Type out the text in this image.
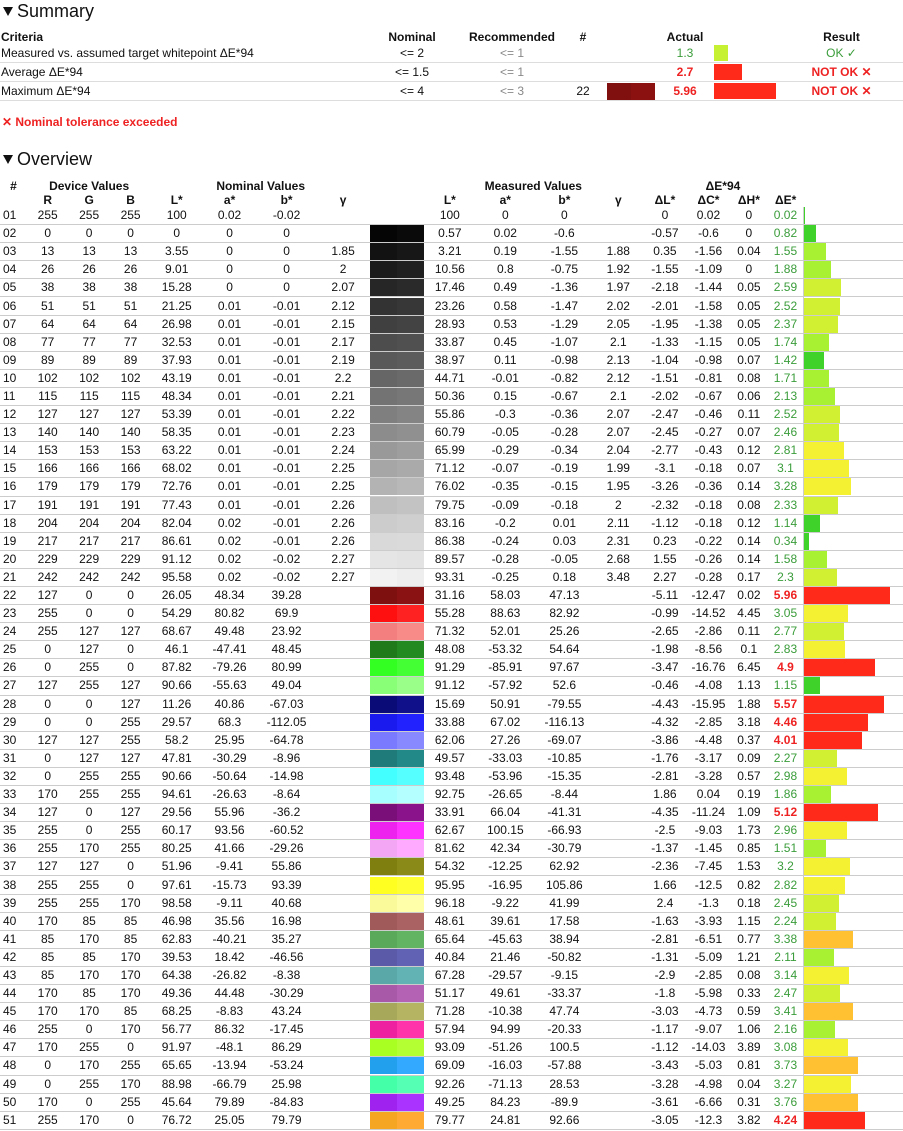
Summary
Criteria	Nominal	Recommended	#		Actual		Result
Measured vs. assumed target whitepoint ΔE*94	<= 2	<= 1			1.3		OK ✓
Average ΔE*94	<= 1.5	<= 1			2.7		NOT OK ✕
Maximum ΔE*94	<= 4	<= 3	22		5.96		NOT OK ✕
✕ Nominal tolerance exceeded
Overview
#	Device Values			Nominal Values					Measured Values				ΔE*94				
	R	G	B	L*	a*	b*	γ		L*	a*	b*	γ	ΔL*	ΔC*	ΔH*	ΔE*	
01	255	255	255	100	0.02	-0.02			100	0	0		0	0.02	0	0.02	

02	0	0	0	0	0	0			0.57	0.02	-0.6		-0.57	-0.6	0	0.82	

03	13	13	13	3.55	0	0	1.85		3.21	0.19	-1.55	1.88	0.35	-1.56	0.04	1.55	

04	26	26	26	9.01	0	0	2		10.56	0.8	-0.75	1.92	-1.55	-1.09	0	1.88	

05	38	38	38	15.28	0	0	2.07		17.46	0.49	-1.36	1.97	-2.18	-1.44	0.05	2.59	

06	51	51	51	21.25	0.01	-0.01	2.12		23.26	0.58	-1.47	2.02	-2.01	-1.58	0.05	2.52	

07	64	64	64	26.98	0.01	-0.01	2.15		28.93	0.53	-1.29	2.05	-1.95	-1.38	0.05	2.37	

08	77	77	77	32.53	0.01	-0.01	2.17		33.87	0.45	-1.07	2.1	-1.33	-1.15	0.05	1.74	

09	89	89	89	37.93	0.01	-0.01	2.19		38.97	0.11	-0.98	2.13	-1.04	-0.98	0.07	1.42	

10	102	102	102	43.19	0.01	-0.01	2.2		44.71	-0.01	-0.82	2.12	-1.51	-0.81	0.08	1.71	

11	115	115	115	48.34	0.01	-0.01	2.21		50.36	0.15	-0.67	2.1	-2.02	-0.67	0.06	2.13	

12	127	127	127	53.39	0.01	-0.01	2.22		55.86	-0.3	-0.36	2.07	-2.47	-0.46	0.11	2.52	

13	140	140	140	58.35	0.01	-0.01	2.23		60.79	-0.05	-0.28	2.07	-2.45	-0.27	0.07	2.46	

14	153	153	153	63.22	0.01	-0.01	2.24		65.99	-0.29	-0.34	2.04	-2.77	-0.43	0.12	2.81	

15	166	166	166	68.02	0.01	-0.01	2.25		71.12	-0.07	-0.19	1.99	-3.1	-0.18	0.07	3.1	

16	179	179	179	72.76	0.01	-0.01	2.25		76.02	-0.35	-0.15	1.95	-3.26	-0.36	0.14	3.28	

17	191	191	191	77.43	0.01	-0.01	2.26		79.75	-0.09	-0.18	2	-2.32	-0.18	0.08	2.33	

18	204	204	204	82.04	0.02	-0.01	2.26		83.16	-0.2	0.01	2.11	-1.12	-0.18	0.12	1.14	

19	217	217	217	86.61	0.02	-0.01	2.26		86.38	-0.24	0.03	2.31	0.23	-0.22	0.14	0.34	

20	229	229	229	91.12	0.02	-0.02	2.27		89.57	-0.28	-0.05	2.68	1.55	-0.26	0.14	1.58	

21	242	242	242	95.58	0.02	-0.02	2.27		93.31	-0.25	0.18	3.48	2.27	-0.28	0.17	2.3	

22	127	0	0	26.05	48.34	39.28			31.16	58.03	47.13		-5.11	-12.47	0.02	5.96	

23	255	0	0	54.29	80.82	69.9			55.28	88.63	82.92		-0.99	-14.52	4.45	3.05	

24	255	127	127	68.67	49.48	23.92			71.32	52.01	25.26		-2.65	-2.86	0.11	2.77	

25	0	127	0	46.1	-47.41	48.45			48.08	-53.32	54.64		-1.98	-8.56	0.1	2.83	

26	0	255	0	87.82	-79.26	80.99			91.29	-85.91	97.67		-3.47	-16.76	6.45	4.9	

27	127	255	127	90.66	-55.63	49.04			91.12	-57.92	52.6		-0.46	-4.08	1.13	1.15	

28	0	0	127	11.26	40.86	-67.03			15.69	50.91	-79.55		-4.43	-15.95	1.88	5.57	

29	0	0	255	29.57	68.3	-112.05			33.88	67.02	-116.13		-4.32	-2.85	3.18	4.46	

30	127	127	255	58.2	25.95	-64.78			62.06	27.26	-69.07		-3.86	-4.48	0.37	4.01	

31	0	127	127	47.81	-30.29	-8.96			49.57	-33.03	-10.85		-1.76	-3.17	0.09	2.27	

32	0	255	255	90.66	-50.64	-14.98			93.48	-53.96	-15.35		-2.81	-3.28	0.57	2.98	

33	170	255	255	94.61	-26.63	-8.64			92.75	-26.65	-8.44		1.86	0.04	0.19	1.86	

34	127	0	127	29.56	55.96	-36.2			33.91	66.04	-41.31		-4.35	-11.24	1.09	5.12	

35	255	0	255	60.17	93.56	-60.52			62.67	100.15	-66.93		-2.5	-9.03	1.73	2.96	

36	255	170	255	80.25	41.66	-29.26			81.62	42.34	-30.79		-1.37	-1.45	0.85	1.51	

37	127	127	0	51.96	-9.41	55.86			54.32	-12.25	62.92		-2.36	-7.45	1.53	3.2	

38	255	255	0	97.61	-15.73	93.39			95.95	-16.95	105.86		1.66	-12.5	0.82	2.82	

39	255	255	170	98.58	-9.11	40.68			96.18	-9.22	41.99		2.4	-1.3	0.18	2.45	

40	170	85	85	46.98	35.56	16.98			48.61	39.61	17.58		-1.63	-3.93	1.15	2.24	

41	85	170	85	62.83	-40.21	35.27			65.64	-45.63	38.94		-2.81	-6.51	0.77	3.38	

42	85	85	170	39.53	18.42	-46.56			40.84	21.46	-50.82		-1.31	-5.09	1.21	2.11	

43	85	170	170	64.38	-26.82	-8.38			67.28	-29.57	-9.15		-2.9	-2.85	0.08	3.14	

44	170	85	170	49.36	44.48	-30.29			51.17	49.61	-33.37		-1.8	-5.98	0.33	2.47	

45	170	170	85	68.25	-8.83	43.24			71.28	-10.38	47.74		-3.03	-4.73	0.59	3.41	

46	255	0	170	56.77	86.32	-17.45			57.94	94.99	-20.33		-1.17	-9.07	1.06	2.16	

47	170	255	0	91.97	-48.1	86.29			93.09	-51.26	100.5		-1.12	-14.03	3.89	3.08	

48	0	170	255	65.65	-13.94	-53.24			69.09	-16.03	-57.88		-3.43	-5.03	0.81	3.73	

49	0	255	170	88.98	-66.79	25.98			92.26	-71.13	28.53		-3.28	-4.98	0.04	3.27	

50	170	0	255	45.64	79.89	-84.83			49.25	84.23	-89.9		-3.61	-6.66	0.31	3.76	

51	255	170	0	76.72	25.05	79.79			79.77	24.81	92.66		-3.05	-12.3	3.82	4.24	
